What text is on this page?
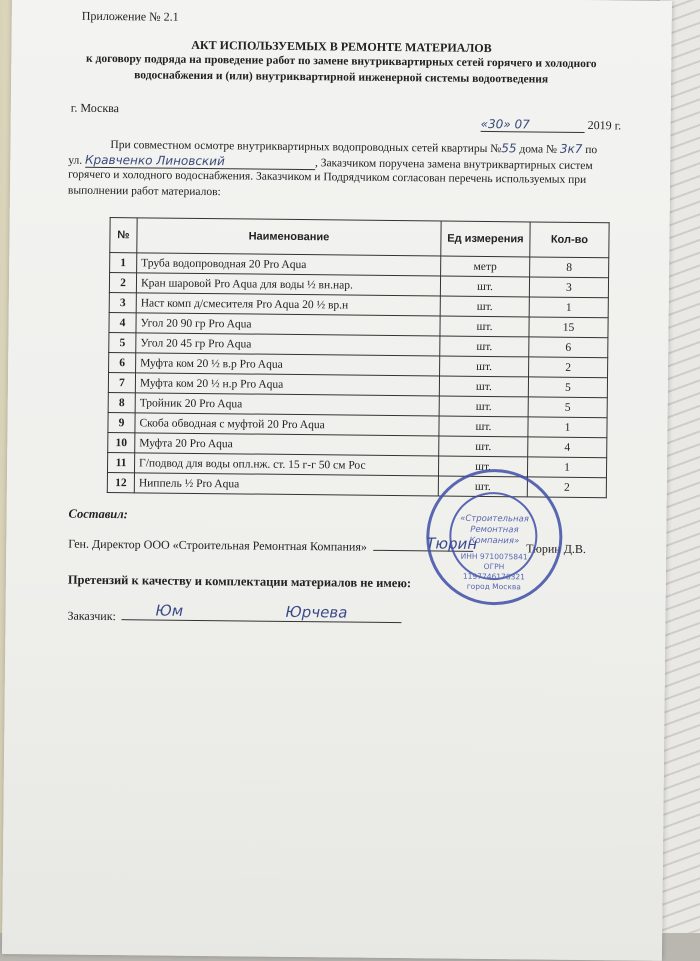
Приложение № 2.1
АКТ ИСПОЛЬЗУЕМЫХ В РЕМОНТЕ МАТЕРИАЛОВ
к договору подряда на проведение работ по замене внутриквартирных сетей горячего и холодного
водоснабжения и (или) внутриквартирной инженерной системы водоотведения
г. Москва
«30» 07	2019 г.
При совместном осмотре внутриквартирных водопроводных сетей квартиры №55 дома № 3к7 по
ул. Кравченко Линовский	, Заказчиком поручена замена внутриквартирных систем
горячего и холодного водоснабжения. Заказчиком и Подрядчиком согласован перечень используемых при
выполнении работ материалов:
№	Наименование	Ед измерения	Кол-во
1	Труба водопроводная 20 Pro Aqua	метр	8
2	Кран шаровой Pro Aqua для воды ½ вн.нар.	шт.	3
3	Наст комп д/смесителя Pro Aqua 20 ½ вр.н	шт.	1
4	Угол 20 90 гр Pro Aqua	шт.	15
5	Угол 20 45 гр Pro Aqua	шт.	6
6	Муфта ком 20 ½ в.р Pro Aqua	шт.	2
7	Муфта ком 20 ½ н.р Pro Aqua	шт.	5
8	Тройник 20 Pro Aqua	шт.	5
9	Скоба обводная с муфтой 20 Pro Aqua	шт.	1
10	Муфта 20 Pro Aqua	шт.	4
11	Г/подвод для воды опл.нж. ст. 15 г-г 50 см Рос	шт.	1
12	Ниппель ½ Pro Aqua	шт.	2
Составил:
Ген. Директор ООО «Строительная Ремонтная Компания»	Тюрин Д.В.
Тюрин
Претензий к качеству и комплектации материалов не имею:
Заказчик:	Юм	Юрчева
«Строительная Ремонтная Компания»
ИНН 9710075841
ОГРН 1197746178321
город Москва
